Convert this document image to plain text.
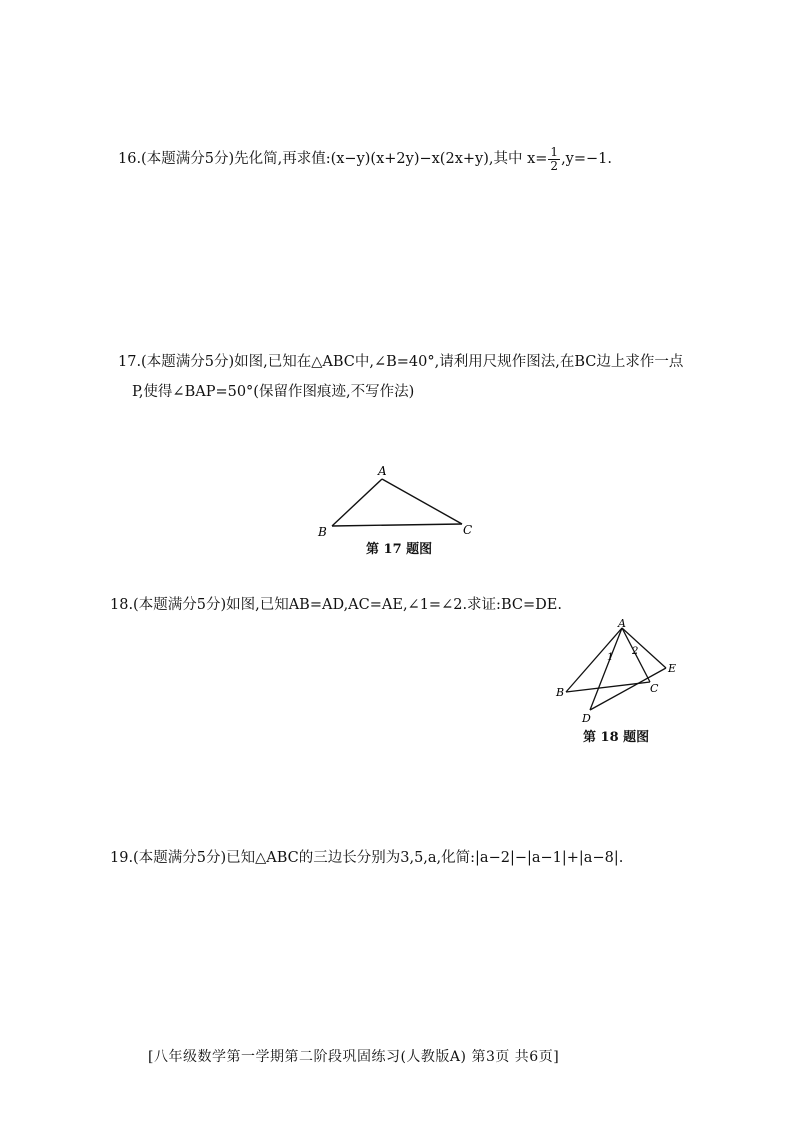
16.(本题满分5分)先化简,再求值:(x−y)(x+2y)−x(2x+y),其中 $x= \frac{1}{2} ,y=-1$.
17.(本题满分5分)如图,已知在△ABC中,∠B=40°,请利用尺规作图法,在BC边上求作一点
P,使得∠BAP=50°(保留作图痕迹,不写作法)
A
B	C
第 17 题图
18.(本题满分5分)如图,已知AB=AD,AC=AE,∠1=∠2.求证:BC=DE.
A
B	C
D
E
1
2
第 18 题图
19.(本题满分5分)已知△ABC的三边长分别为3,5,a,化简:|a−2|−|a−1|+|a−8|.
[八年级数学第一学期第二阶段巩固练习(人教版A) 第3页 共6页]
